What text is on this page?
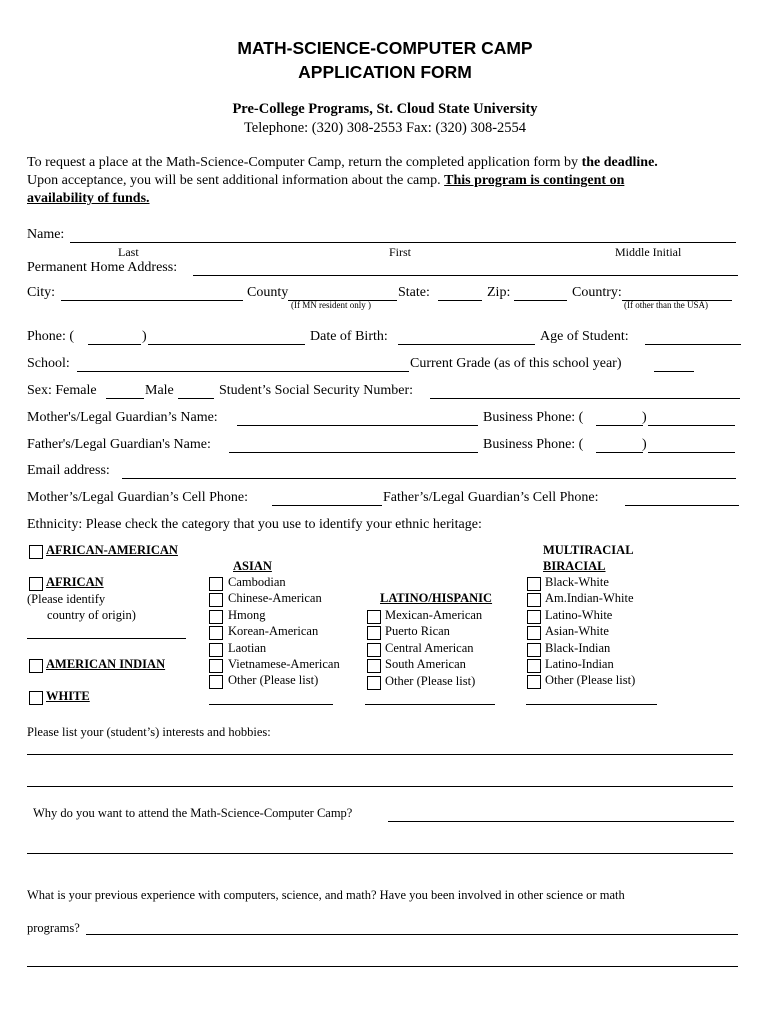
MATH-SCIENCE-COMPUTER CAMP
APPLICATION FORM
Pre-College Programs, St. Cloud State University
Telephone: (320) 308-2553 Fax: (320) 308-2554
To request a place at the Math-Science-Computer Camp, return the completed application form by the deadline.
Upon acceptance, you will be sent additional information about the camp. This program is contingent on
availability of funds.
Name:
Last	First	Middle Initial
Permanent Home Address:
City:	County	State:	Zip:	Country:
(If MN resident only )	(If other than the USA)
Phone: (	)	Date of Birth:	Age of Student:
School:	Current Grade (as of this school year)
Sex: Female	Male	Student’s Social Security Number:
Mother's/Legal Guardian’s Name:	Business Phone: (	)
Father's/Legal Guardian's Name:	Business Phone: (	)
Email address:
Mother’s/Legal Guardian’s Cell Phone:	Father’s/Legal Guardian’s Cell Phone:
Ethnicity: Please check the category that you use to identify your ethnic heritage:
AFRICAN-AMERICAN
AFRICAN
(Please identify
country of origin)
AMERICAN INDIAN
WHITE
ASIAN
Cambodian
Chinese-American
Hmong
Korean-American
Laotian
Vietnamese-American
Other (Please list)
LATINO/HISPANIC
Mexican-American
Puerto Rican
Central American
South American
Other (Please list)
MULTIRACIAL
BIRACIAL
Black-White
Am.Indian-White
Latino-White
Asian-White
Black-Indian
Latino-Indian
Other (Please list)
Please list your (student’s) interests and hobbies:
Why do you want to attend the Math-Science-Computer Camp?
What is your previous experience with computers, science, and math? Have you been involved in other science or math
programs?
